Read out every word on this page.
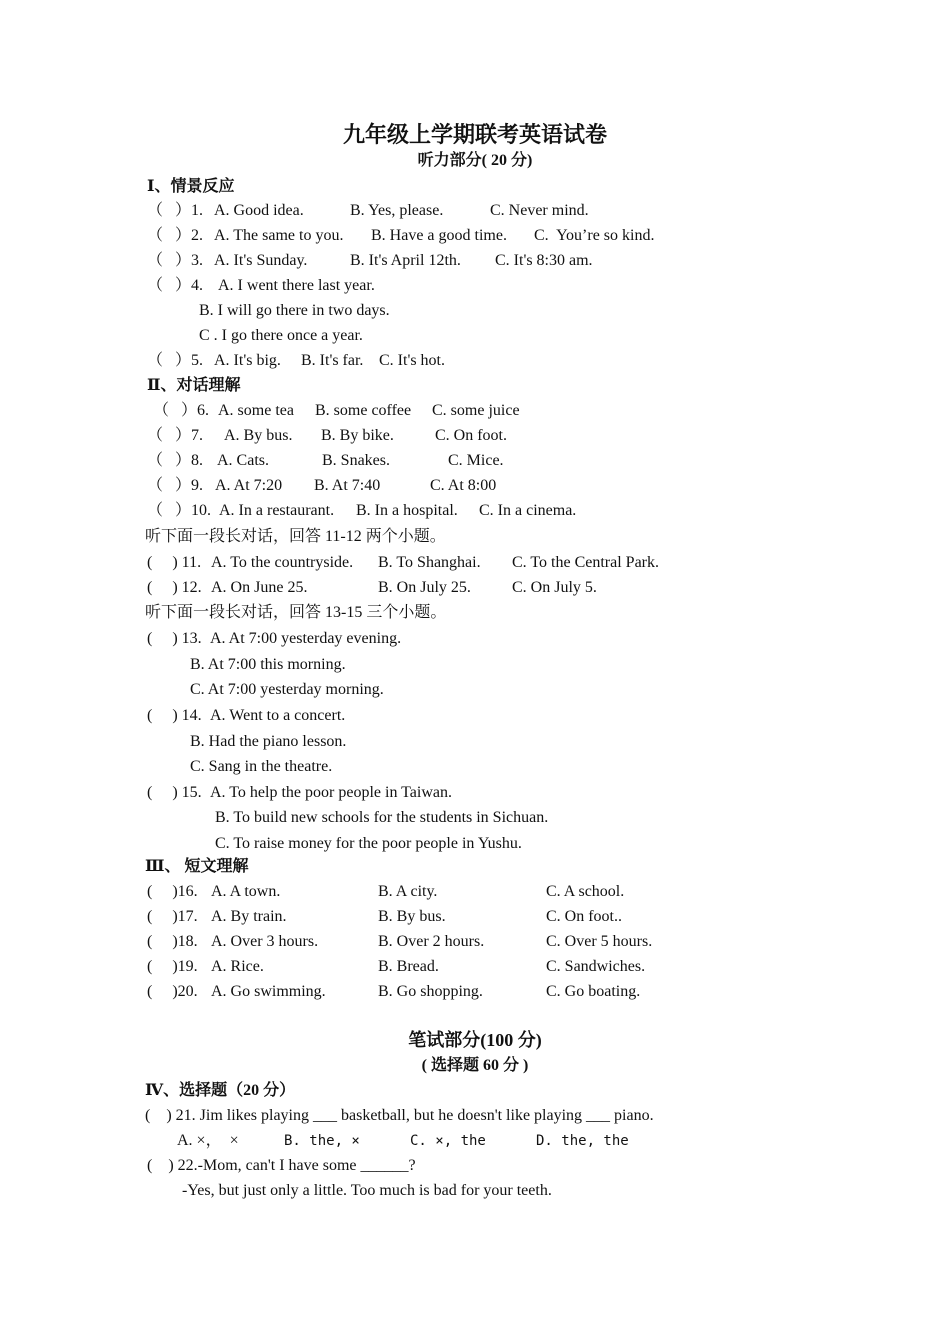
九年级上学期联考英语试卷
听力部分( 20 分)
Ⅰ、情景反应
（   ）1. A. Good idea.	B. Yes, please.	C. Never mind.
（   ）2. A. The same to you. B. Have a good time. C.  You’re so kind.
（   ）3. A. It's Sunday.	B. It's April 12th. C. It's 8:30 am.
（   ）4. A. I went there last year.
B. I will go there in two days.
C . I go there once a year.
（   ）5. A. It's big. B. It's far. C. It's hot.
Ⅱ、对话理解
（   ）6. A. some tea B. some coffee C. some juice
（   ）7. A. By bus. B. By bike.	C. On foot.
（   ）8. A. Cats.	B. Snakes.	C. Mice.
（   ）9. A. At 7:20 B. At 7:40	C. At 8:00
（   ）10. A. In a restaurant. B. In a hospital. C. In a cinema.
听下面一段长对话，回答 11-12 两个小题。
(     ) 11. A. To the countryside. B. To Shanghai. C. To the Central Park.
(     ) 12. A. On June 25.	B. On July 25.	C. On July 5.
听下面一段长对话，回答 13-15 三个小题。
(     ) 13. A. At 7:00 yesterday evening.
B. At 7:00 this morning.
C. At 7:00 yesterday morning.
(     ) 14. A. Went to a concert.
B. Had the piano lesson.
C. Sang in the theatre.
(     ) 15. A. To help the poor people in Taiwan.
B. To build new schools for the students in Sichuan.
C. To raise money for the poor people in Yushu.
Ⅲ、 短文理解
(     )16. A. A town.	B. A city.	C. A school.
(     )17. A. By train.	B. By bus.	C. On foot..
(     )18. A. Over 3 hours.	B. Over 2 hours.	C. Over 5 hours.
(     )19. A. Rice.	B. Bread.	C. Sandwiches.
(     )20. A. Go swimming.	B. Go shopping.	C. Go boating.
笔试部分(100 分)
( 选择题 60 分 )
Ⅳ、选择题（20 分）
(    ) 21. Jim likes playing ___ basketball, but he doesn't like playing ___ piano.
A. ×，  ×	B. the, ×	C. ×, the	D. the, the
(    ) 22.-Mom, can't I have some ______?
-Yes, but just only a little. Too much is bad for your teeth.
